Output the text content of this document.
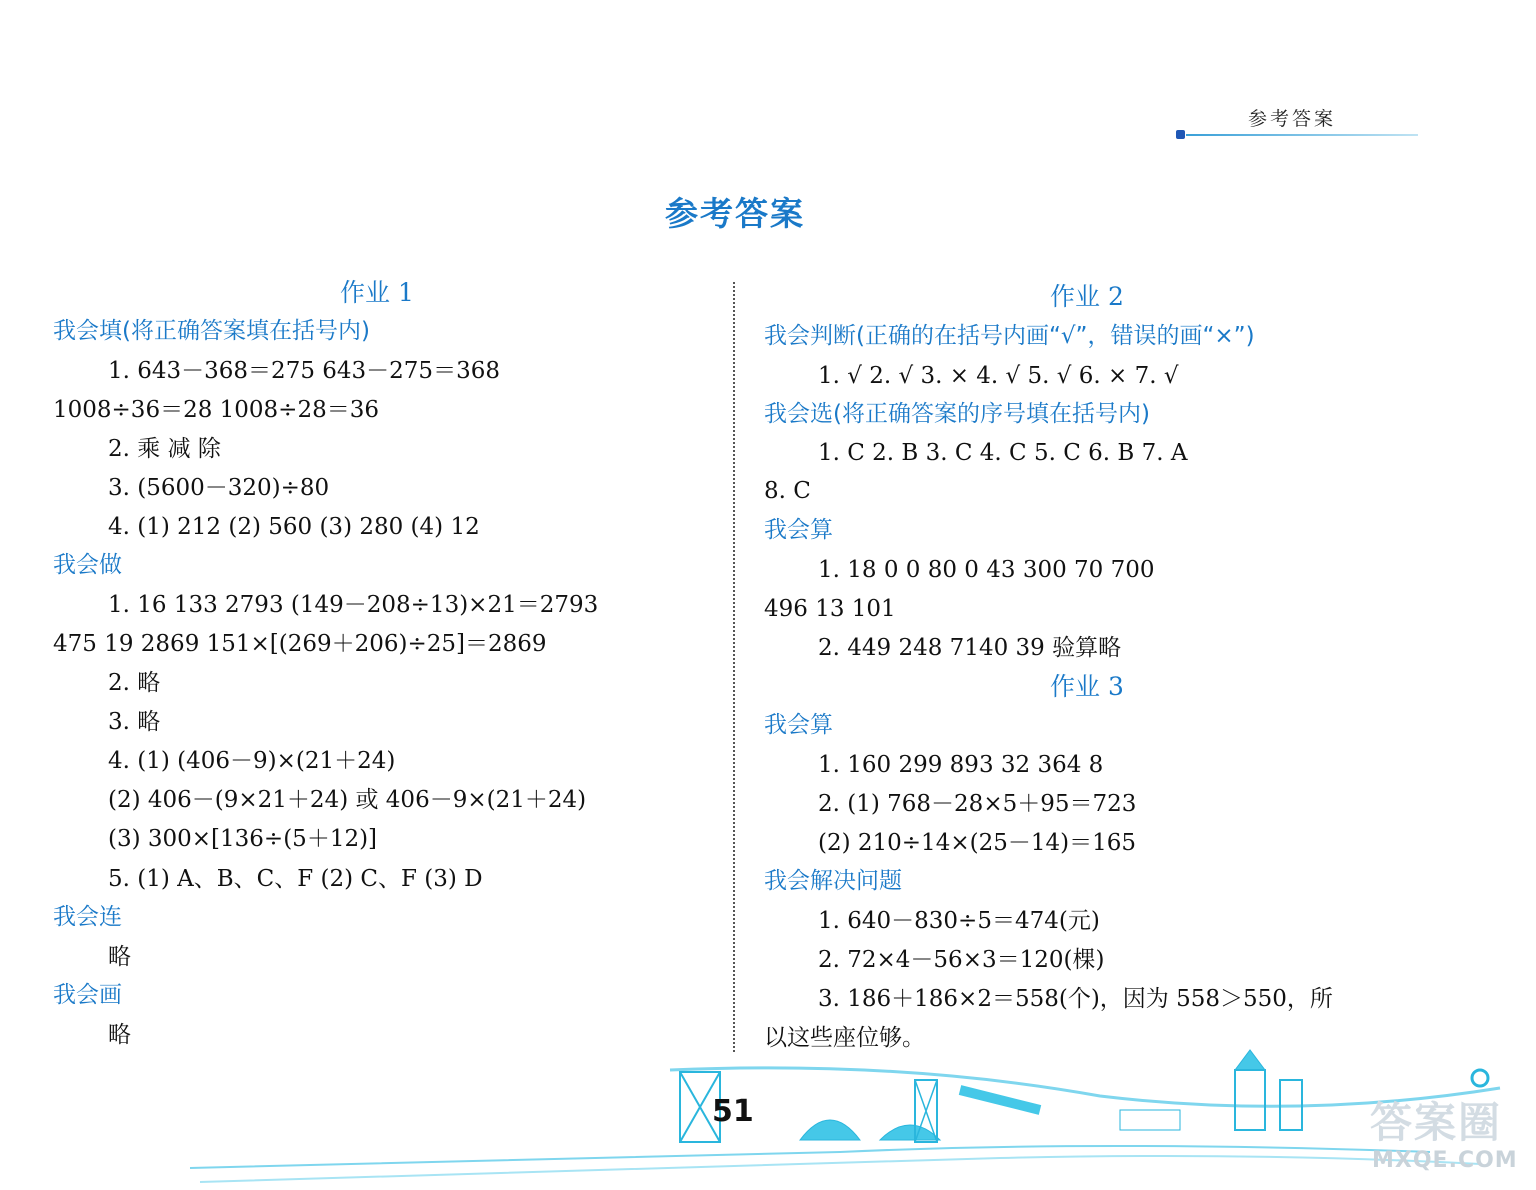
参考答案
参考答案
作业 1
我会填(将正确答案填在括号内)
1. 643－368＝275 643－275＝368
1008÷36＝28 1008÷28＝36
2. 乘 减 除
3. (5600－320)÷80
4. (1) 212 (2) 560 (3) 280 (4) 12
我会做
1. 16 133 2793 (149－208÷13)×21＝2793
475 19 2869 151×[(269＋206)÷25]＝2869
2. 略
3. 略
4. (1) (406－9)×(21＋24)
(2) 406－(9×21＋24) 或 406－9×(21＋24)
(3) 300×[136÷(5＋12)]
5. (1) A、B、C、F (2) C、F (3) D
我会连
略
我会画
略
作业 2
我会判断(正确的在括号内画“√”，错误的画“×”)
1. √ 2. √ 3. × 4. √ 5. √ 6. × 7. √
我会选(将正确答案的序号填在括号内)
1. C 2. B 3. C 4. C 5. C 6. B 7. A
8. C
我会算
1. 18 0 0 80 0 43 300 70 700
496 13 101
2. 449 248 7140 39 验算略
作业 3
我会算
1. 160 299 893 32 364 8
2. (1) 768－28×5＋95＝723
(2) 210÷14×(25－14)＝165
我会解决问题
1. 640－830÷5＝474(元)
2. 72×4－56×3＝120(棵)
3. 186＋186×2＝558(个)，因为 558＞550，所
以这些座位够。
51	答案圈
MXQE.COM
